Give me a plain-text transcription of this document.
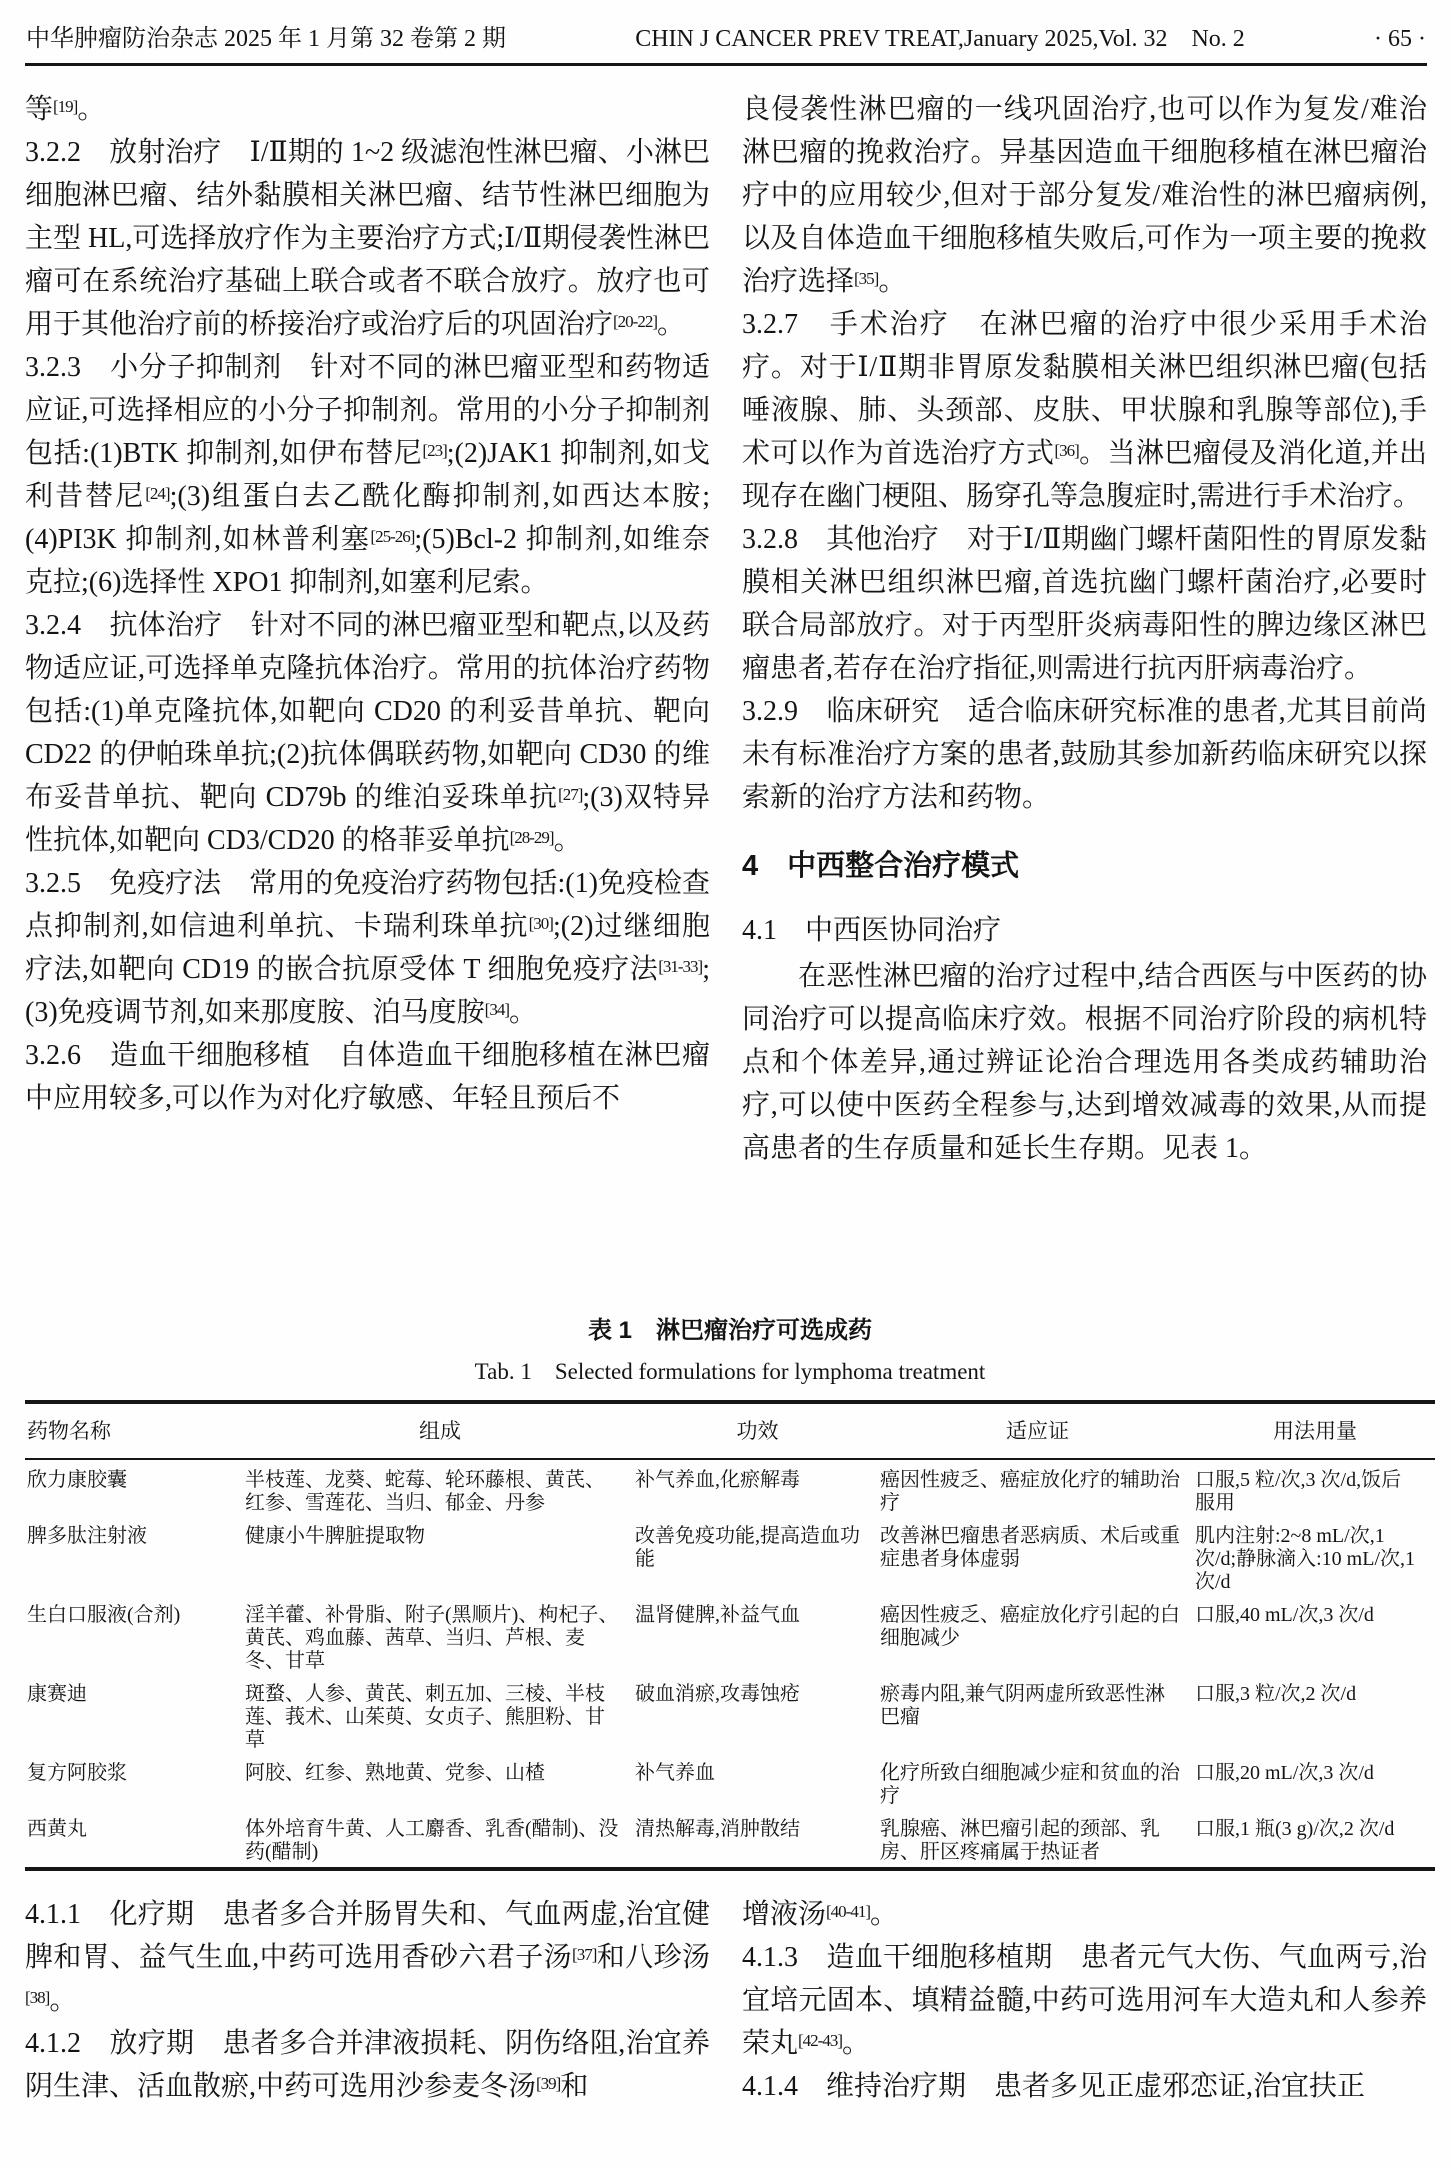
中华肿瘤防治杂志 2025 年 1 月第 32 卷第 2 期	CHIN J CANCER PREV TREAT,January 2025,Vol. 32　No. 2	· 65 ·

等[19]。

3.2.2　放射治疗　Ⅰ/Ⅱ期的 1~2 级滤泡性淋巴瘤、小淋巴细胞淋巴瘤、结外黏膜相关淋巴瘤、结节性淋巴细胞为主型 HL,可选择放疗作为主要治疗方式;Ⅰ/Ⅱ期侵袭性淋巴瘤可在系统治疗基础上联合或者不联合放疗。放疗也可用于其他治疗前的桥接治疗或治疗后的巩固治疗[20-22]。

3.2.3　小分子抑制剂　针对不同的淋巴瘤亚型和药物适应证,可选择相应的小分子抑制剂。常用的小分子抑制剂包括:(1)BTK 抑制剂,如伊布替尼[23];(2)JAK1 抑制剂,如戈利昔替尼[24];(3)组蛋白去乙酰化酶抑制剂,如西达本胺;(4)PI3K 抑制剂,如林普利塞[25-26];(5)Bcl-2 抑制剂,如维奈克拉;(6)选择性 XPO1 抑制剂,如塞利尼索。

3.2.4　抗体治疗　针对不同的淋巴瘤亚型和靶点,以及药物适应证,可选择单克隆抗体治疗。常用的抗体治疗药物包括:(1)单克隆抗体,如靶向 CD20 的利妥昔单抗、靶向 CD22 的伊帕珠单抗;(2)抗体偶联药物,如靶向 CD30 的维布妥昔单抗、靶向 CD79b 的维泊妥珠单抗[27];(3)双特异性抗体,如靶向 CD3/CD20 的格菲妥单抗[28-29]。

3.2.5　免疫疗法　常用的免疫治疗药物包括:(1)免疫检查点抑制剂,如信迪利单抗、卡瑞利珠单抗[30];(2)过继细胞疗法,如靶向 CD19 的嵌合抗原受体 T 细胞免疫疗法[31-33];(3)免疫调节剂,如来那度胺、泊马度胺[34]。

3.2.6　造血干细胞移植　自体造血干细胞移植在淋巴瘤中应用较多,可以作为对化疗敏感、年轻且预后不

良侵袭性淋巴瘤的一线巩固治疗,也可以作为复发/难治淋巴瘤的挽救治疗。异基因造血干细胞移植在淋巴瘤治疗中的应用较少,但对于部分复发/难治性的淋巴瘤病例,以及自体造血干细胞移植失败后,可作为一项主要的挽救治疗选择[35]。

3.2.7　手术治疗　在淋巴瘤的治疗中很少采用手术治疗。对于Ⅰ/Ⅱ期非胃原发黏膜相关淋巴组织淋巴瘤(包括唾液腺、肺、头颈部、皮肤、甲状腺和乳腺等部位),手术可以作为首选治疗方式[36]。当淋巴瘤侵及消化道,并出现存在幽门梗阻、肠穿孔等急腹症时,需进行手术治疗。

3.2.8　其他治疗　对于Ⅰ/Ⅱ期幽门螺杆菌阳性的胃原发黏膜相关淋巴组织淋巴瘤,首选抗幽门螺杆菌治疗,必要时联合局部放疗。对于丙型肝炎病毒阳性的脾边缘区淋巴瘤患者,若存在治疗指征,则需进行抗丙肝病毒治疗。

3.2.9　临床研究　适合临床研究标准的患者,尤其目前尚未有标准治疗方案的患者,鼓励其参加新药临床研究以探索新的治疗方法和药物。

4　中西整合治疗模式

4.1　中西医协同治疗

在恶性淋巴瘤的治疗过程中,结合西医与中医药的协同治疗可以提高临床疗效。根据不同治疗阶段的病机特点和个体差异,通过辨证论治合理选用各类成药辅助治疗,可以使中医药全程参与,达到增效减毒的效果,从而提高患者的生存质量和延长生存期。见表 1。

表 1　淋巴瘤治疗可选成药

Tab. 1　Selected formulations for lymphoma treatment

药物名称	组成	功效	适应证	用法用量
欣力康胶囊	半枝莲、龙葵、蛇莓、轮环藤根、黄芪、红参、雪莲花、当归、郁金、丹参	补气养血,化瘀解毒	癌因性疲乏、癌症放化疗的辅助治疗	口服,5 粒/次,3 次/d,饭后服用
脾多肽注射液	健康小牛脾脏提取物	改善免疫功能,提高造血功能	改善淋巴瘤患者恶病质、术后或重症患者身体虚弱	肌内注射:2~8 mL/次,1 次/d;静脉滴入:10 mL/次,1 次/d
生白口服液(合剂)	淫羊藿、补骨脂、附子(黑顺片)、枸杞子、黄芪、鸡血藤、茜草、当归、芦根、麦冬、甘草	温肾健脾,补益气血	癌因性疲乏、癌症放化疗引起的白细胞减少	口服,40 mL/次,3 次/d
康赛迪	斑蝥、人参、黄芪、刺五加、三棱、半枝莲、莪术、山茱萸、女贞子、熊胆粉、甘草	破血消瘀,攻毒蚀疮	瘀毒内阻,兼气阴两虚所致恶性淋巴瘤	口服,3 粒/次,2 次/d
复方阿胶浆	阿胶、红参、熟地黄、党参、山楂	补气养血	化疗所致白细胞减少症和贫血的治疗	口服,20 mL/次,3 次/d
西黄丸	体外培育牛黄、人工麝香、乳香(醋制)、没药(醋制)	清热解毒,消肿散结	乳腺癌、淋巴瘤引起的颈部、乳房、肝区疼痛属于热证者	口服,1 瓶(3 g)/次,2 次/d

4.1.1　化疗期　患者多合并肠胃失和、气血两虚,治宜健脾和胃、益气生血,中药可选用香砂六君子汤[37]和八珍汤[38]。

4.1.2　放疗期　患者多合并津液损耗、阴伤络阻,治宜养阴生津、活血散瘀,中药可选用沙参麦冬汤[39]和

增液汤[40-41]。

4.1.3　造血干细胞移植期　患者元气大伤、气血两亏,治宜培元固本、填精益髓,中药可选用河车大造丸和人参养荣丸[42-43]。

4.1.4　维持治疗期　患者多见正虚邪恋证,治宜扶正
